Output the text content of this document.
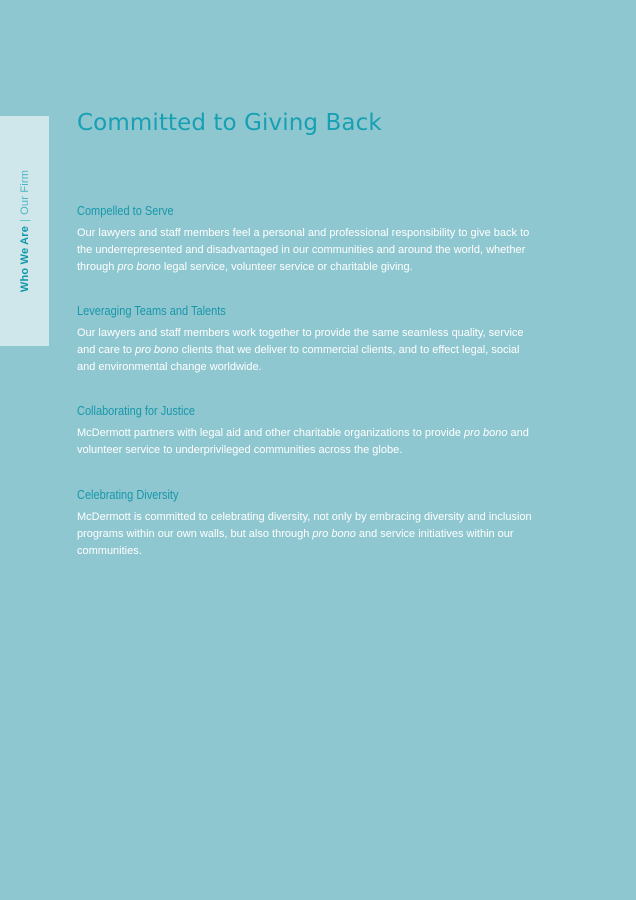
Who We Are|Our Firm
Committed to Giving Back
Compelled to Serve

Our lawyers and staff members feel a personal and professional responsibility to give back to the underrepresented and disadvantaged in our communities and around the world, whether through pro bono legal service, volunteer service or charitable giving.

Leveraging Teams and Talents

Our lawyers and staff members work together to provide the same seamless quality, service and care to pro bono clients that we deliver to commercial clients, and to effect legal, social and environmental change worldwide.

Collaborating for Justice

McDermott partners with legal aid and other charitable organizations to provide pro bono and volunteer service to underprivileged communities across the globe.

Celebrating Diversity

McDermott is committed to celebrating diversity, not only by embracing diversity and inclusion programs within our own walls, but also through pro bono and service initiatives within our communities.
